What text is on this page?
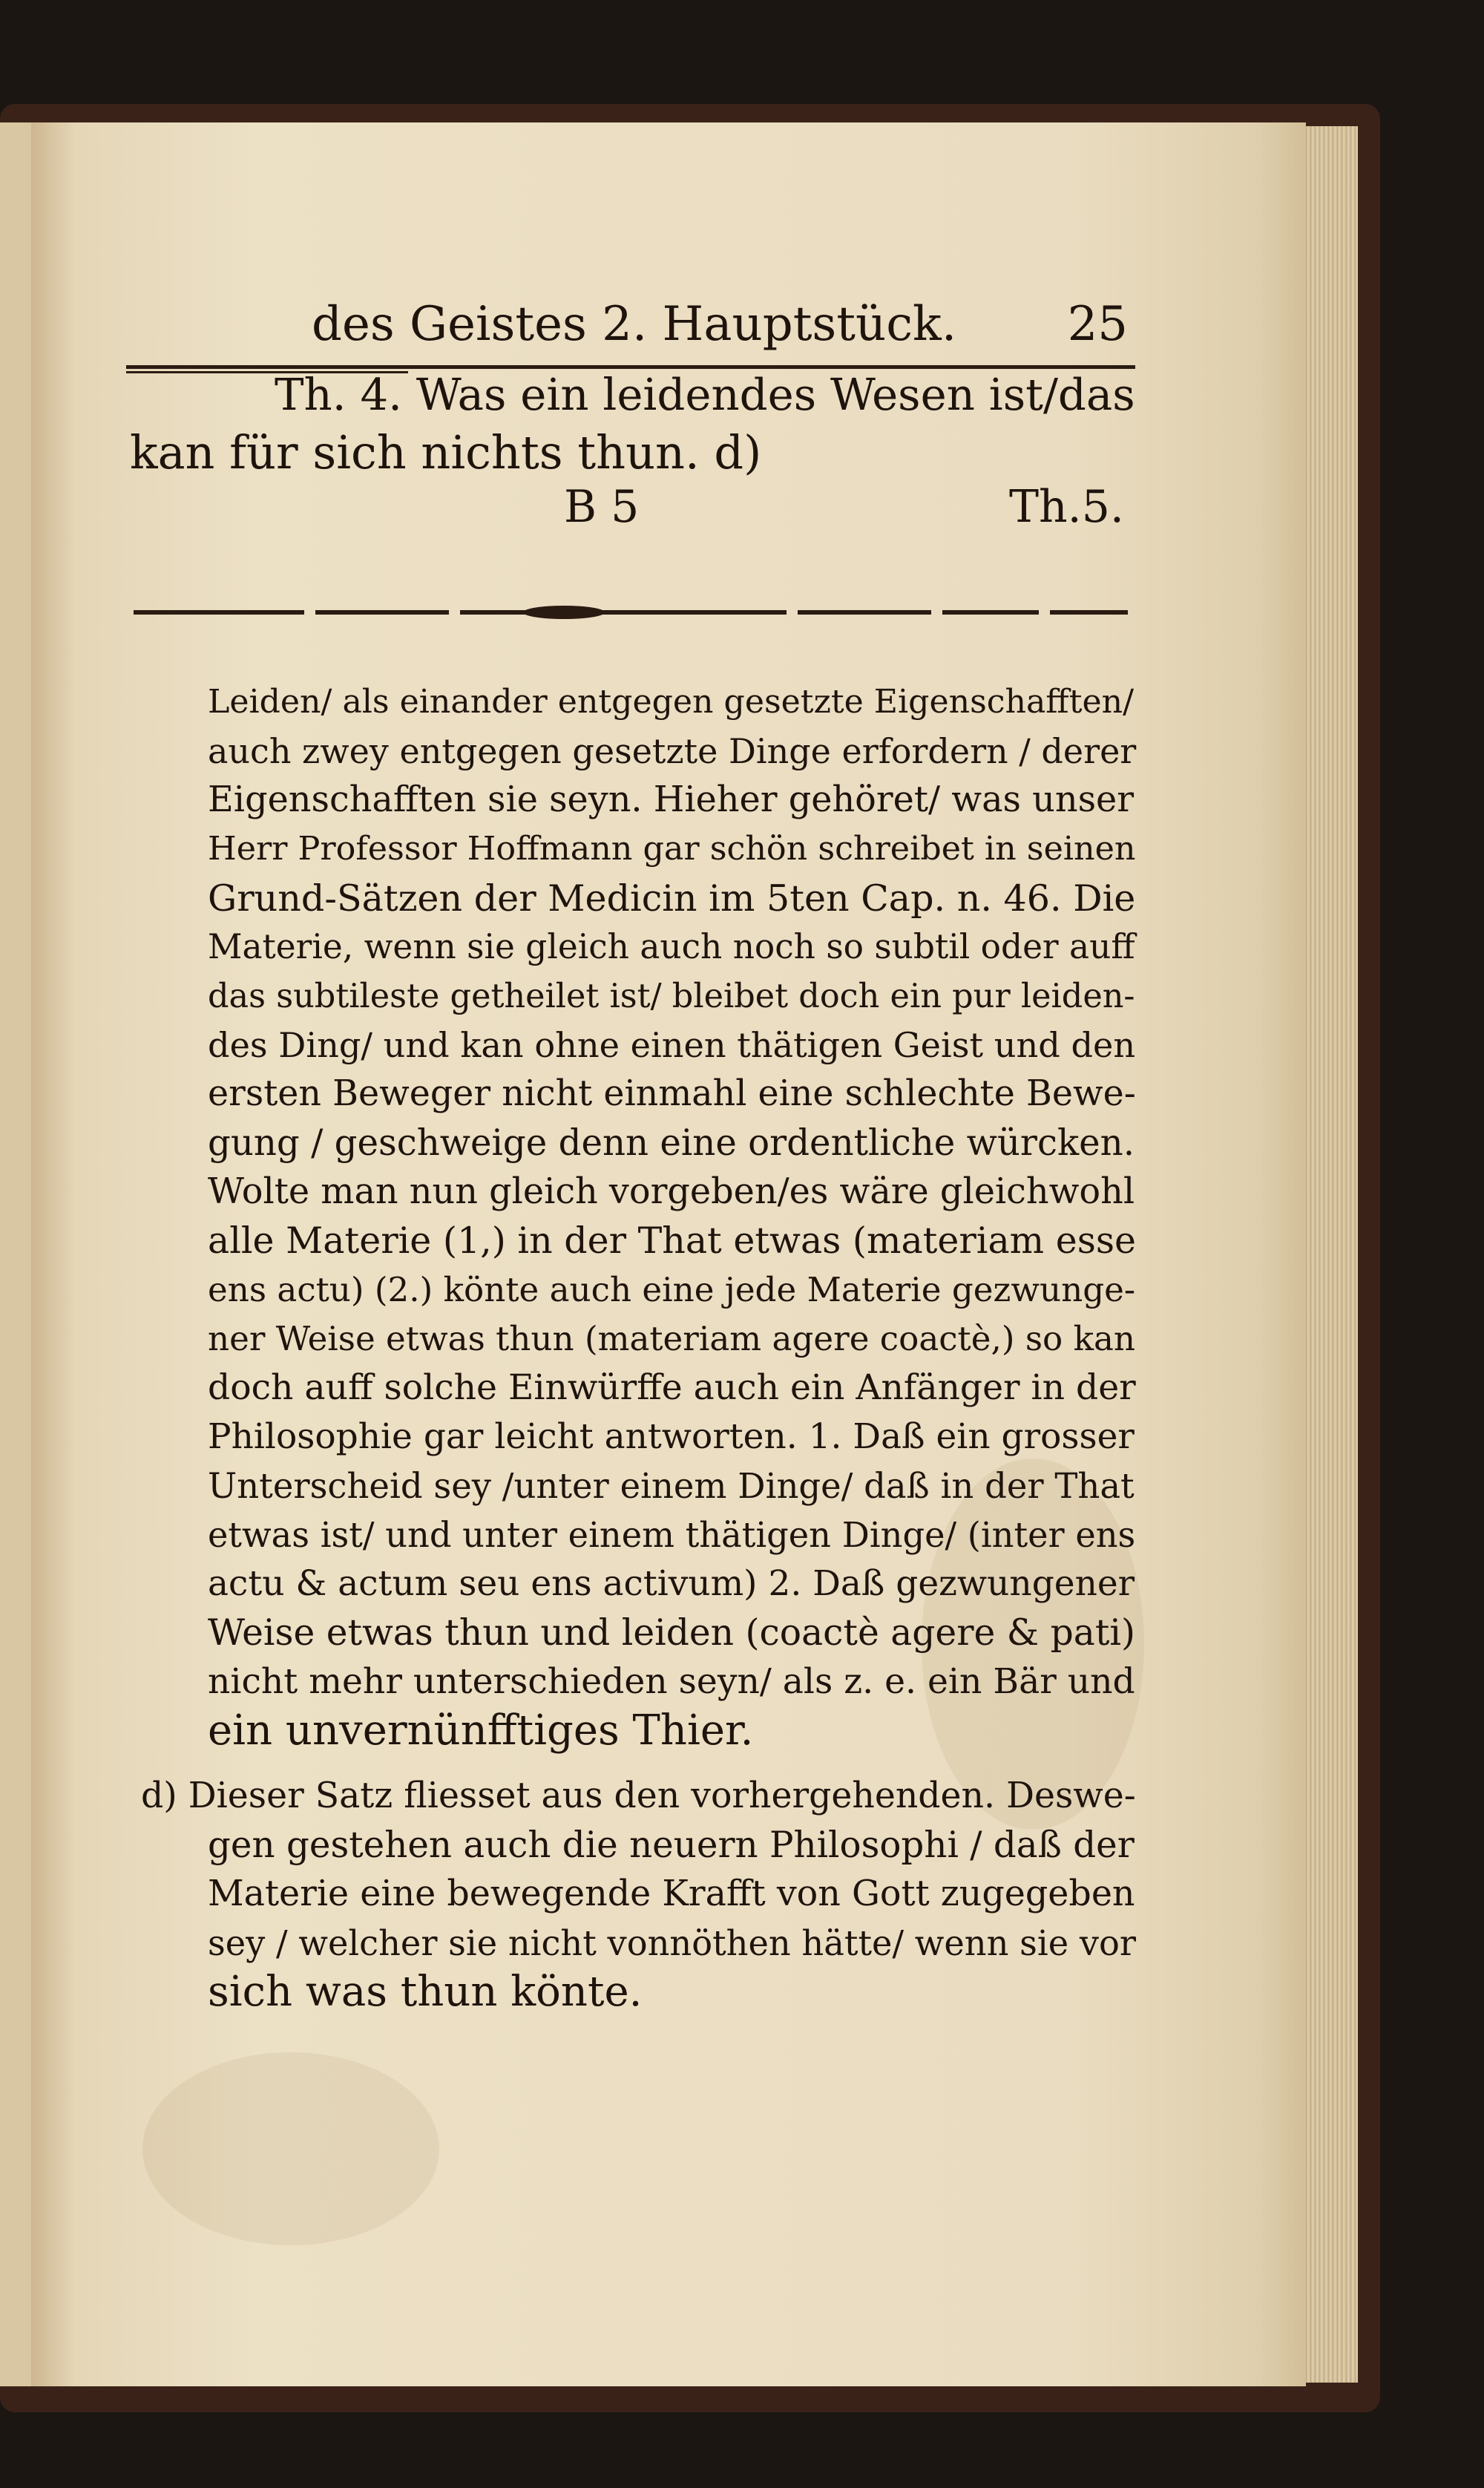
des Geistes 2. Hauptstück. 25
Th. 4. Was ein leidendes Wesen ist/das
kan für sich nichts thun. d)
B 5	Th.5.
Leiden/ als einander entgegen gesetzte Eigenschafften/
auch zwey entgegen gesetzte Dinge erfordern / derer
Eigenschafften sie seyn. Hieher gehöret/ was unser
Herr Professor Hoffmann gar schön schreibet in seinen
Grund-Sätzen der Medicin im 5ten Cap. n. 46. Die
Materie, wenn sie gleich auch noch so subtil oder auff
das subtileste getheilet ist/ bleibet doch ein pur leiden-
des Ding/ und kan ohne einen thätigen Geist und den
ersten Beweger nicht einmahl eine schlechte Bewe-
gung / geschweige denn eine ordentliche würcken.
Wolte man nun gleich vorgeben/es wäre gleichwohl
alle Materie (1,) in der That etwas (materiam esse
ens actu) (2.) könte auch eine jede Materie gezwunge-
ner Weise etwas thun (materiam agere coactè,) so kan
doch auff solche Einwürffe auch ein Anfänger in der
Philosophie gar leicht antworten. 1. Daß ein grosser
Unterscheid sey /unter einem Dinge/ daß in der That
etwas ist/ und unter einem thätigen Dinge/ (inter ens
actu & actum seu ens activum) 2. Daß gezwungener
Weise etwas thun und leiden (coactè agere & pati)
nicht mehr unterschieden seyn/ als z. e. ein Bär und
ein unvernünfftiges Thier.
d) Dieser Satz fliesset aus den vorhergehenden. Deswe-
gen gestehen auch die neuern Philosophi / daß der
Materie eine bewegende Krafft von Gott zugegeben
sey / welcher sie nicht vonnöthen hätte/ wenn sie vor
sich was thun könte.
